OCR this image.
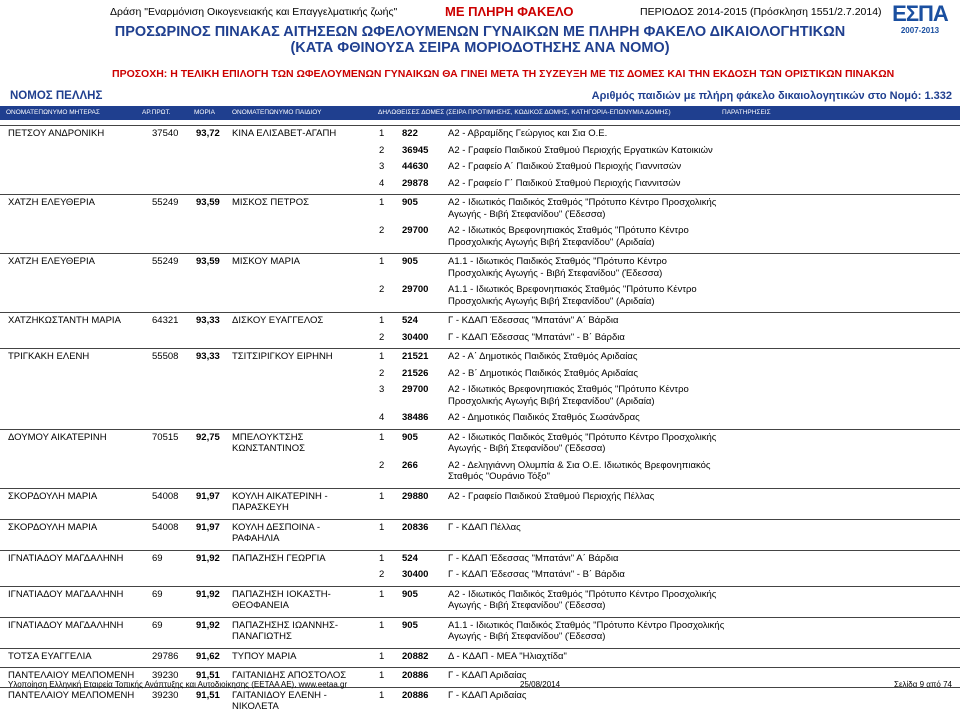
Δράση "Εναρμόνιση Οικογενειακής και Επαγγελματικής ζωής"	ΜΕ ΠΛΗΡΗ ΦΑΚΕΛΟ	ΠΕΡΙΟΔΟΣ 2014-2015 (Πρόσκληση 1551/2.7.2014) ΕΣΠΑ
2007-2013
ΠΡΟΣΩΡΙΝΟΣ ΠΙΝΑΚΑΣ ΑΙΤΗΣΕΩΝ ΩΦΕΛΟΥΜΕΝΩΝ ΓΥΝΑΙΚΩΝ ΜΕ ΠΛΗΡΗ ΦΑΚΕΛΟ ΔΙΚΑΙΟΛΟΓΗΤΙΚΩΝ
(ΚΑΤΑ ΦΘΙΝΟΥΣΑ ΣΕΙΡΑ ΜΟΡΙΟΔΟΤΗΣΗΣ ΑΝΑ ΝΟΜΟ)
ΠΡΟΣΟΧΗ: Η ΤΕΛΙΚΗ ΕΠΙΛΟΓΗ ΤΩΝ ΩΦΕΛΟΥΜΕΝΩΝ ΓΥΝΑΙΚΩΝ ΘΑ ΓΙΝΕΙ ΜΕΤΑ ΤΗ ΣΥΖΕΥΞΗ ΜΕ ΤΙΣ ΔΟΜΕΣ ΚΑΙ ΤΗΝ ΕΚΔΟΣΗ ΤΩΝ ΟΡΙΣΤΙΚΩΝ ΠΙΝΑΚΩΝ
ΝΟΜΟΣ ΠΕΛΛΗΣ	Αριθμός παιδιών με πλήρη φάκελο δικαιολογητικών στο Νομό: 1.332
ΟΝΟΜΑΤΕΠΩΝΥΜΟ ΜΗΤΕΡΑΣ	ΑΡ.ΠΡΩΤ.	ΜΟΡΙΑ	ΟΝΟΜΑΤΕΠΩΝΥΜΟ ΠΑΙΔΙΟΥ	ΔΗΛΩΘΕΙΣΕΣ ΔΟΜΕΣ (ΣΕΙΡΑ ΠΡΟΤΙΜΗΣΗΣ, ΚΩΔΙΚΟΣ ΔΟΜΗΣ, ΚΑΤΗΓΟΡΙΑ-ΕΠΩΝΥΜΙΑ ΔΟΜΗΣ)	ΠΑΡΑΤΗΡΗΣΕΙΣ
ΠΕΤΣΟΥ ΑΝΔΡΟΝΙΚΗ	37540 93,72 ΚΙΝΑ ΕΛΙΣΑΒΕΤ-ΑΓΑΠΗ	1 822	Α2 - Αβραμίδης Γεώργιος και Σια Ο.Ε.
2 36945 Α2 - Γραφείο Παιδικού Σταθμού Περιοχής Εργατικών Κατοικιών
3 44630 Α2 - Γραφείο Α΄ Παιδικού Σταθμού Περιοχής Γιαννιτσών
4 29878 Α2 - Γραφείο Γ΄ Παιδικού Σταθμού Περιοχής Γιαννιτσών
ΧΑΤΖΗ ΕΛΕΥΘΕΡΙΑ	55249 93,59 ΜΙΣΚΟΣ ΠΕΤΡΟΣ	1 905	Α2 - Ιδιωτικός Παιδικός Σταθμός "Πρότυπο Κέντρο Προσχολικής
Αγωγής - Βιβή Στεφανίδου" (Έδεσσα)
2 29700 Α2 - Ιδιωτικός Βρεφονηπιακός Σταθμός "Πρότυπο Κέντρο
Προσχολικής Αγωγής Βιβή Στεφανίδου" (Αριδαία)
ΧΑΤΖΗ ΕΛΕΥΘΕΡΙΑ	55249 93,59 ΜΙΣΚΟΥ ΜΑΡΙΑ	1 905	Α1.1 - Ιδιωτικός Παιδικός Σταθμός "Πρότυπο Κέντρο
Προσχολικής Αγωγής - Βιβή Στεφανίδου" (Έδεσσα)
2 29700 Α1.1 - Ιδιωτικός Βρεφονηπιακός Σταθμός "Πρότυπο Κέντρο
Προσχολικής Αγωγής Βιβή Στεφανίδου" (Αριδαία)
ΧΑΤΖΗΚΩΣΤΑΝΤΗ ΜΑΡΙΑ	64321 93,33 ΔΙΣΚΟΥ ΕΥΑΓΓΕΛΟΣ	1 524	Γ - ΚΔΑΠ Έδεσσας "Μπατάνι" Α΄ Βάρδια
2 30400 Γ - ΚΔΑΠ Έδεσσας "Μπατάνι" - Β΄ Βάρδια
ΤΡΙΓΚΑΚΗ ΕΛΕΝΗ	55508 93,33 ΤΣΙΤΣΙΡΙΓΚΟΥ ΕΙΡΗΝΗ	1 21521 Α2 - Α΄ Δημοτικός Παιδικός Σταθμός Αριδαίας
2 21526 Α2 - Β΄ Δημοτικός Παιδικός Σταθμός Αριδαίας
3 29700 Α2 - Ιδιωτικός Βρεφονηπιακός Σταθμός "Πρότυπο Κέντρο
Προσχολικής Αγωγής Βιβή Στεφανίδου" (Αριδαία)
4 38486 Α2 - Δημοτικός Παιδικός Σταθμός Σωσάνδρας
ΔΟΥΜΟΥ ΑΙΚΑΤΕΡΙΝΗ	70515 92,75 ΜΠΕΛΟΥΚΤΣΗΣ
ΚΩΝΣΤΑΝΤΙΝΟΣ
1 905	Α2 - Ιδιωτικός Παιδικός Σταθμός "Πρότυπο Κέντρο Προσχολικής
Αγωγής - Βιβή Στεφανίδου" (Έδεσσα)
2 266	Α2 - Δεληγιάννη Ολυμπία & Σια Ο.Ε. Ιδιωτικός Βρεφονηπιακός
Σταθμός "Ουράνιο Τόξο"
ΣΚΟΡΔΟΥΛΗ ΜΑΡΙΑ	54008 91,97 ΚΟΥΛΗ ΑΙΚΑΤΕΡΙΝΗ -
ΠΑΡΑΣΚΕΥΗ
1 29880 Α2 - Γραφείο Παιδικού Σταθμού Περιοχής Πέλλας
ΣΚΟΡΔΟΥΛΗ ΜΑΡΙΑ	54008 91,97 ΚΟΥΛΗ ΔΕΣΠΟΙΝΑ -
ΡΑΦΑΗΛΙΑ
1 20836 Γ - ΚΔΑΠ Πέλλας
ΙΓΝΑΤΙΑΔΟΥ ΜΑΓΔΑΛΗΝΗ	69	91,92 ΠΑΠΑΖΗΣΗ ΓΕΩΡΓΙΑ	1 524	Γ - ΚΔΑΠ Έδεσσας "Μπατάνι" Α΄ Βάρδια
2 30400 Γ - ΚΔΑΠ Έδεσσας "Μπατάνι" - Β΄ Βάρδια
ΙΓΝΑΤΙΑΔΟΥ ΜΑΓΔΑΛΗΝΗ	69	91,92 ΠΑΠΑΖΗΣΗ ΙΟΚΑΣΤΗ-
ΘΕΟΦΑΝΕΙΑ
1 905	Α2 - Ιδιωτικός Παιδικός Σταθμός "Πρότυπο Κέντρο Προσχολικής
Αγωγής - Βιβή Στεφανίδου" (Έδεσσα)
ΙΓΝΑΤΙΑΔΟΥ ΜΑΓΔΑΛΗΝΗ	69	91,92 ΠΑΠΑΖΗΣΗΣ ΙΩΑΝΝΗΣ-
ΠΑΝΑΓΙΩΤΗΣ
1 905	Α1.1 - Ιδιωτικός Παιδικός Σταθμός "Πρότυπο Κέντρο Προσχολικής
Αγωγής - Βιβή Στεφανίδου" (Έδεσσα)
ΤΟΤΣΑ ΕΥΑΓΓΕΛΙΑ	29786 91,62 ΤΥΠΟΥ ΜΑΡΙΑ	1 20882 Δ - ΚΔΑΠ - ΜΕΑ "Ηλιαχτίδα"
ΠΑΝΤΕΛΑΙΟΥ ΜΕΛΠΟΜΕΝΗ 39230 91,51 ΓΑΙΤΑΝΙΔΗΣ ΑΠΟΣΤΟΛΟΣ	1 20886 Γ - ΚΔΑΠ Αριδαίας
ΠΑΝΤΕΛΑΙΟΥ ΜΕΛΠΟΜΕΝΗ 39230 91,51 ΓΑΙΤΑΝΙΔΟΥ ΕΛΕΝΗ -
ΝΙΚΟΛΕΤΑ
1 20886 Γ - ΚΔΑΠ Αριδαίας
Υλοποίηση Ελληνική Εταιρεία Τοπικής Ανάπτυξης και Αυτοδιοίκησης (ΕΕΤΑΑ ΑΕ), www.eetaa.gr	25/08/2014	Σελίδα 9 από 74
